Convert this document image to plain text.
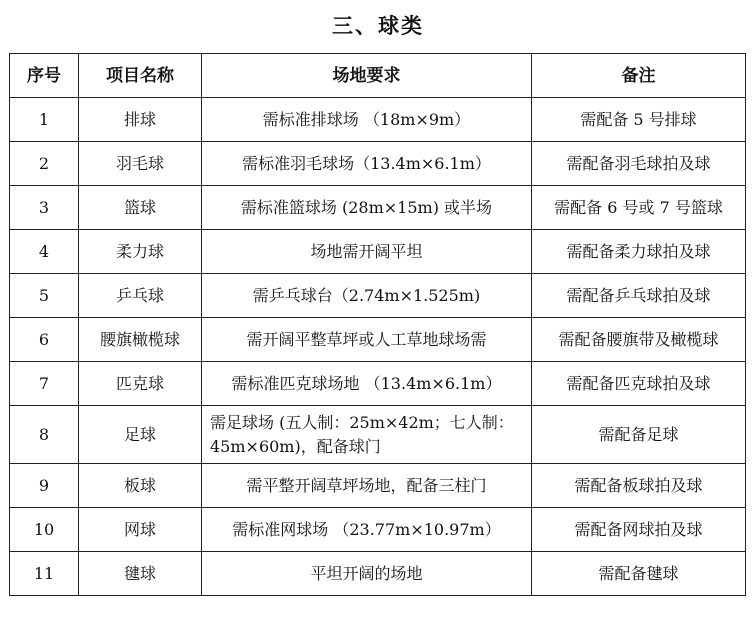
三、球类
序号	项目名称	场地要求	备注
1	排球	需标准排球场 （18m×9m）	需配备 5 号排球
2	羽毛球	需标准羽毛球场（13.4m×6.1m）	需配备羽毛球拍及球
3	篮球	需标准篮球场 (28m×15m) 或半场	需配备 6 号或 7 号篮球
4	柔力球	场地需开阔平坦	需配备柔力球拍及球
5	乒乓球	需乒乓球台（2.74m×1.525m)	需配备乒乓球拍及球
6	腰旗橄榄球	需开阔平整草坪或人工草地球场需	需配备腰旗带及橄榄球
7	匹克球	需标准匹克球场地 （13.4m×6.1m）	需配备匹克球拍及球
8	足球	需足球场 (五人制：25m×42m；七人制：45m×60m)，配备球门	需配备足球
9	板球	需平整开阔草坪场地，配备三柱门	需配备板球拍及球
10	网球	需标准网球场 （23.77m×10.97m）	需配备网球拍及球
11	毽球	平坦开阔的场地	需配备毽球
